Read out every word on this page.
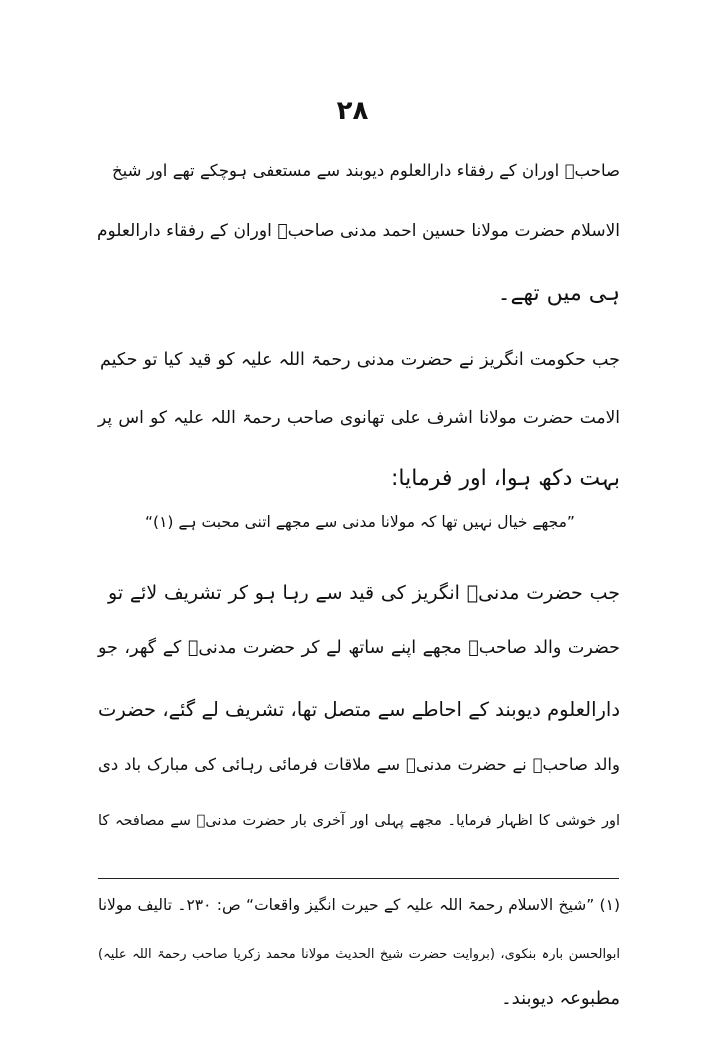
۲۸
صاحبؒ اوران کے رفقاء دارالعلوم دیوبند سے مستعفی ہوچکے تھے اور شیخ
الاسلام حضرت مولانا حسین احمد مدنی صاحبؒ اوران کے رفقاء دارالعلوم
ہی میں تھے۔
جب حکومت انگریز نے حضرت مدنی رحمۃ اللہ علیہ کو قید کیا تو حکیم
الامت حضرت مولانا اشرف علی تھانوی صاحب رحمۃ اللہ علیہ کو اس پر
بہت دکھ ہوا، اور فرمایا:
”مجھے خیال نہیں تھا کہ مولانا مدنی سے مجھے اتنی محبت ہے (۱)“
جب حضرت مدنیؒ انگریز کی قید سے رہا ہو کر تشریف لائے تو
حضرت والد صاحبؒ مجھے اپنے ساتھ لے کر حضرت مدنیؒ کے گھر، جو
دارالعلوم دیوبند کے احاطے سے متصل تھا، تشریف لے گئے، حضرت
والد صاحبؒ نے حضرت مدنیؒ سے ملاقات فرمائی رہائی کی مبارک باد دی
اور خوشی کا اظہار فرمایا۔ مجھے پہلی اور آخری بار حضرت مدنیؒ سے مصافحہ کا
(۱) ”شیخ الاسلام رحمۃ اللہ علیہ کے حیرت انگیز واقعات“ ص: ۲۳۰۔ تالیف مولانا
ابوالحسن بارہ بنکوی، (بروایت حضرت شیخ الحدیث مولانا محمد زکریا صاحب رحمۃ اللہ علیہ)
مطبوعہ دیوبند۔
